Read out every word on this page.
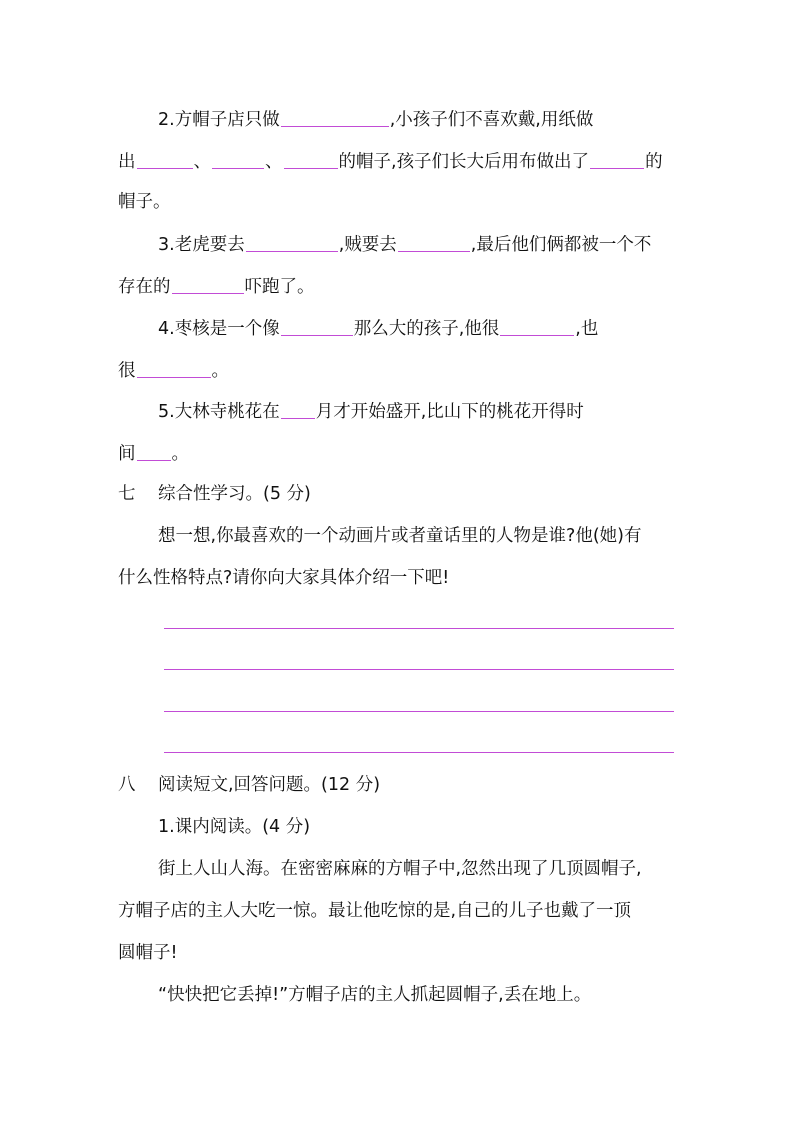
2.方帽子店只做	,小孩子们不喜欢戴,用纸做
出	、	、	的帽子,孩子们长大后用布做出了	的
帽子。
3.老虎要去	,贼要去	,最后他们俩都被一个不
存在的	吓跑了。
4.枣核是一个像	那么大的孩子,他很	,也
很	。
5.大林寺桃花在 月才开始盛开,比山下的桃花开得时
间 。
七 综合性学习。(5 分)
想一想,你最喜欢的一个动画片或者童话里的人物是谁?他(她)有
什么性格特点?请你向大家具体介绍一下吧!
八 阅读短文,回答问题。(12 分)
1.课内阅读。(4 分)
街上人山人海。在密密麻麻的方帽子中,忽然出现了几顶圆帽子,
方帽子店的主人大吃一惊。最让他吃惊的是,自己的儿子也戴了一顶
圆帽子!
“快快把它丢掉!”方帽子店的主人抓起圆帽子,丢在地上。
